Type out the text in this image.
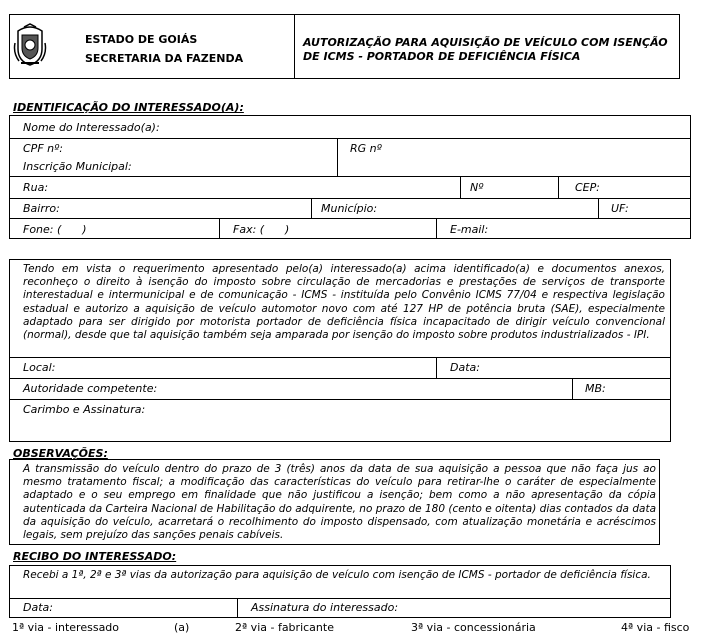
ESTADO DE GOIÁS
SECRETARIA DA FAZENDA
AUTORIZAÇÃO PARA AQUISIÇÃO DE VEÍCULO COM ISENÇÃO
DE ICMS - PORTADOR DE DEFICIÊNCIA FÍSICA
IDENTIFICAÇÃO DO INTERESSADO(A):
Nome do Interessado(a):
CPF nº:	RG nº
Inscrição Municipal:
Rua:	Nº	CEP:
Bairro:	Município:	UF:
Fone: (      )	Fax: (      )	E-mail:
Tendo em vista o requerimento apresentado pelo(a) interessado(a) acima identificado(a) e documentos anexos, reconheço o direito à isenção do imposto sobre circulação de mercadorias e prestações de serviços de transporte interestadual e intermunicipal e de comunicação - ICMS - instituída pelo Convênio ICMS 77/04 e respectiva legislação estadual e autorizo a aquisição de veículo automotor novo com até 127 HP de potência bruta (SAE), especialmente adaptado para ser dirigido por motorista portador de deficiência física incapacitado de dirigir veículo convencional (normal), desde que tal aquisição também seja amparada por isenção do imposto sobre produtos industrializados - IPI.
Local:	Data:
Autoridade competente:	MB:
Carimbo e Assinatura:
OBSERVAÇÕES:
A transmissão do veículo dentro do prazo de 3 (três) anos da data de sua aquisição a pessoa que não faça jus ao mesmo tratamento fiscal; a modificação das características do veículo para retirar-lhe o caráter de especialmente adaptado e o seu emprego em finalidade que não justificou a isenção; bem como a não apresentação da cópia autenticada da Carteira Nacional de Habilitação do adquirente, no prazo de 180 (cento e oitenta) dias contados da data da aquisição do veículo, acarretará o recolhimento do imposto dispensado, com atualização monetária e acréscimos legais, sem prejuízo das sanções penais cabíveis.
RECIBO DO INTERESSADO:
Recebi a 1ª, 2ª e 3ª vias da autorização para aquisição de veículo com isenção de ICMS - portador de deficiência física.
Data:	Assinatura do interessado:
1ª via - interessado	(a)	2ª via - fabricante	3ª via - concessionária	4ª via - fisco
